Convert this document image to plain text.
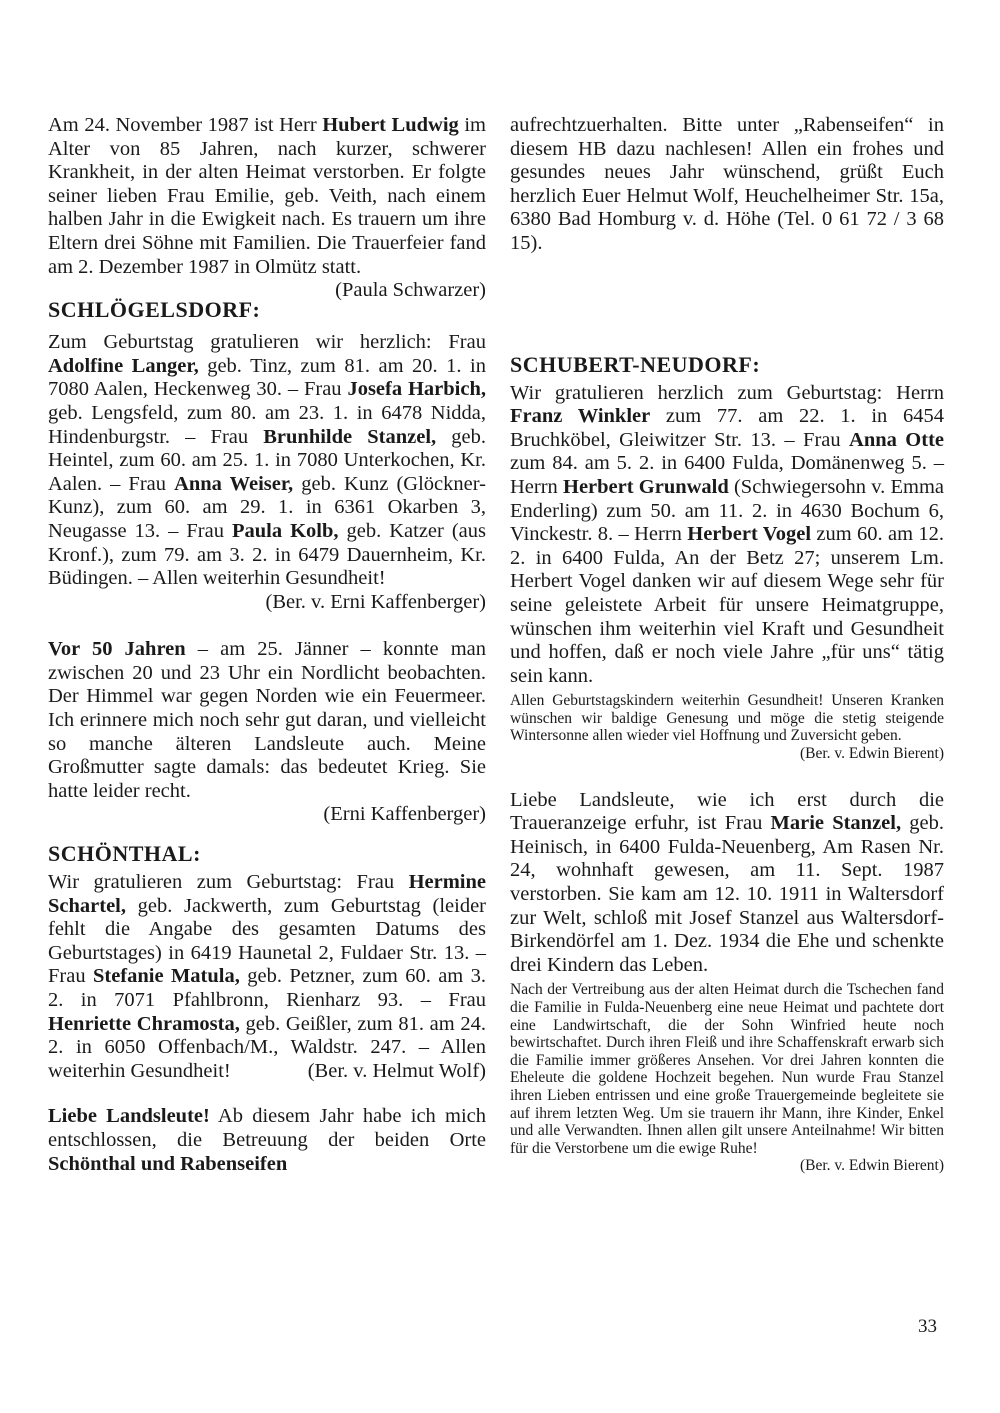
Am 24. November 1987 ist Herr Hubert Ludwig im Alter von 85 Jahren, nach kurzer, schwerer Krankheit, in der alten Heimat verstorben. Er folgte seiner lieben Frau Emilie, geb. Veith, nach einem halben Jahr in die Ewigkeit nach. Es trauern um ihre Eltern drei Söhne mit Familien. Die Trauerfeier fand am 2. Dezember 1987 in Olmütz statt.
(Paula Schwarzer)

SCHLÖGELSDORF:

Zum Geburtstag gratulieren wir herzlich: Frau Adolfine Langer, geb. Tinz, zum 81. am 20. 1. in 7080 Aalen, Heckenweg 30. – Frau Josefa Harbich, geb. Lengsfeld, zum 80. am 23. 1. in 6478 Nidda, Hindenburgstr. – Frau Brunhilde Stanzel, geb. Heintel, zum 60. am 25. 1. in 7080 Unterkochen, Kr. Aalen. – Frau Anna Weiser, geb. Kunz (Glöckner-Kunz), zum 60. am 29. 1. in 6361 Okarben 3, Neugasse 13. – Frau Paula Kolb, geb. Katzer (aus Kronf.), zum 79. am 3. 2. in 6479 Dauernheim, Kr. Büdingen. – Allen weiterhin Gesundheit!

(Ber. v. Erni Kaffenberger)

Vor 50 Jahren – am 25. Jänner – konnte man zwischen 20 und 23 Uhr ein Nordlicht beobachten. Der Himmel war gegen Norden wie ein Feuermeer. Ich erinnere mich noch sehr gut daran, und vielleicht so manche älteren Landsleute auch. Meine Großmutter sagte damals: das bedeutet Krieg. Sie hatte leider recht.

(Erni Kaffenberger)

SCHÖNTHAL:

Wir gratulieren zum Geburtstag: Frau Hermine Schartel, geb. Jackwerth, zum Geburtstag (leider fehlt die Angabe des gesamten Datums des Geburtstages) in 6419 Haunetal 2, Fuldaer Str. 13. – Frau Stefanie Matula, geb. Petzner, zum 60. am 3. 2. in 7071 Pfahlbronn, Rienharz 93. – Frau Henriette Chramosta, geb. Geißler, zum 81. am 24. 2. in 6050 Offenbach/M., Waldstr. 247. – Allen weiterhin Gesundheit!	(Ber. v. Helmut Wolf)

Liebe Landsleute! Ab diesem Jahr habe ich mich entschlossen, die Betreuung der beiden Orte Schönthal und Rabenseifen

aufrechtzuerhalten. Bitte unter „Rabenseifen“ in diesem HB dazu nachlesen! Allen ein frohes und gesundes neues Jahr wünschend, grüßt Euch herzlich Euer Helmut Wolf, Heuchelheimer Str. 15a, 6380 Bad Homburg v. d. Höhe (Tel. 0 61 72 / 3 68 15).

SCHUBERT-NEUDORF:

Wir gratulieren herzlich zum Geburtstag: Herrn Franz Winkler zum 77. am 22. 1. in 6454 Bruchköbel, Gleiwitzer Str. 13. – Frau Anna Otte zum 84. am 5. 2. in 6400 Fulda, Domänenweg 5. – Herrn Herbert Grunwald (Schwiegersohn v. Emma Enderling) zum 50. am 11. 2. in 4630 Bochum 6, Vinckestr. 8. – Herrn Herbert Vogel zum 60. am 12. 2. in 6400 Fulda, An der Betz 27; unserem Lm. Herbert Vogel danken wir auf diesem Wege sehr für seine geleistete Arbeit für unsere Heimatgruppe, wünschen ihm weiterhin viel Kraft und Gesundheit und hoffen, daß er noch viele Jahre „für uns“ tätig sein kann.

Allen Geburtstagskindern weiterhin Gesundheit! Unseren Kranken wünschen wir baldige Genesung und möge die stetig steigende Wintersonne allen wieder viel Hoffnung und Zuversicht geben.

(Ber. v. Edwin Bierent)

Liebe Landsleute, wie ich erst durch die Traueranzeige erfuhr, ist Frau Marie Stanzel, geb. Heinisch, in 6400 Fulda-Neuenberg, Am Rasen Nr. 24, wohnhaft gewesen, am 11. Sept. 1987 verstorben. Sie kam am 12. 10. 1911 in Waltersdorf zur Welt, schloß mit Josef Stanzel aus Waltersdorf-Birkendörfel am 1. Dez. 1934 die Ehe und schenkte drei Kindern das Leben.

Nach der Vertreibung aus der alten Heimat durch die Tschechen fand die Familie in Fulda-Neuenberg eine neue Heimat und pachtete dort eine Landwirtschaft, die der Sohn Winfried heute noch bewirtschaftet. Durch ihren Fleiß und ihre Schaffenskraft erwarb sich die Familie immer größeres Ansehen. Vor drei Jahren konnten die Eheleute die goldene Hochzeit begehen. Nun wurde Frau Stanzel ihren Lieben entrissen und eine große Trauergemeinde begleitete sie auf ihrem letzten Weg. Um sie trauern ihr Mann, ihre Kinder, Enkel und alle Verwandten. Ihnen allen gilt unsere Anteilnahme! Wir bitten für die Verstorbene um die ewige Ruhe!

(Ber. v. Edwin Bierent)

33
